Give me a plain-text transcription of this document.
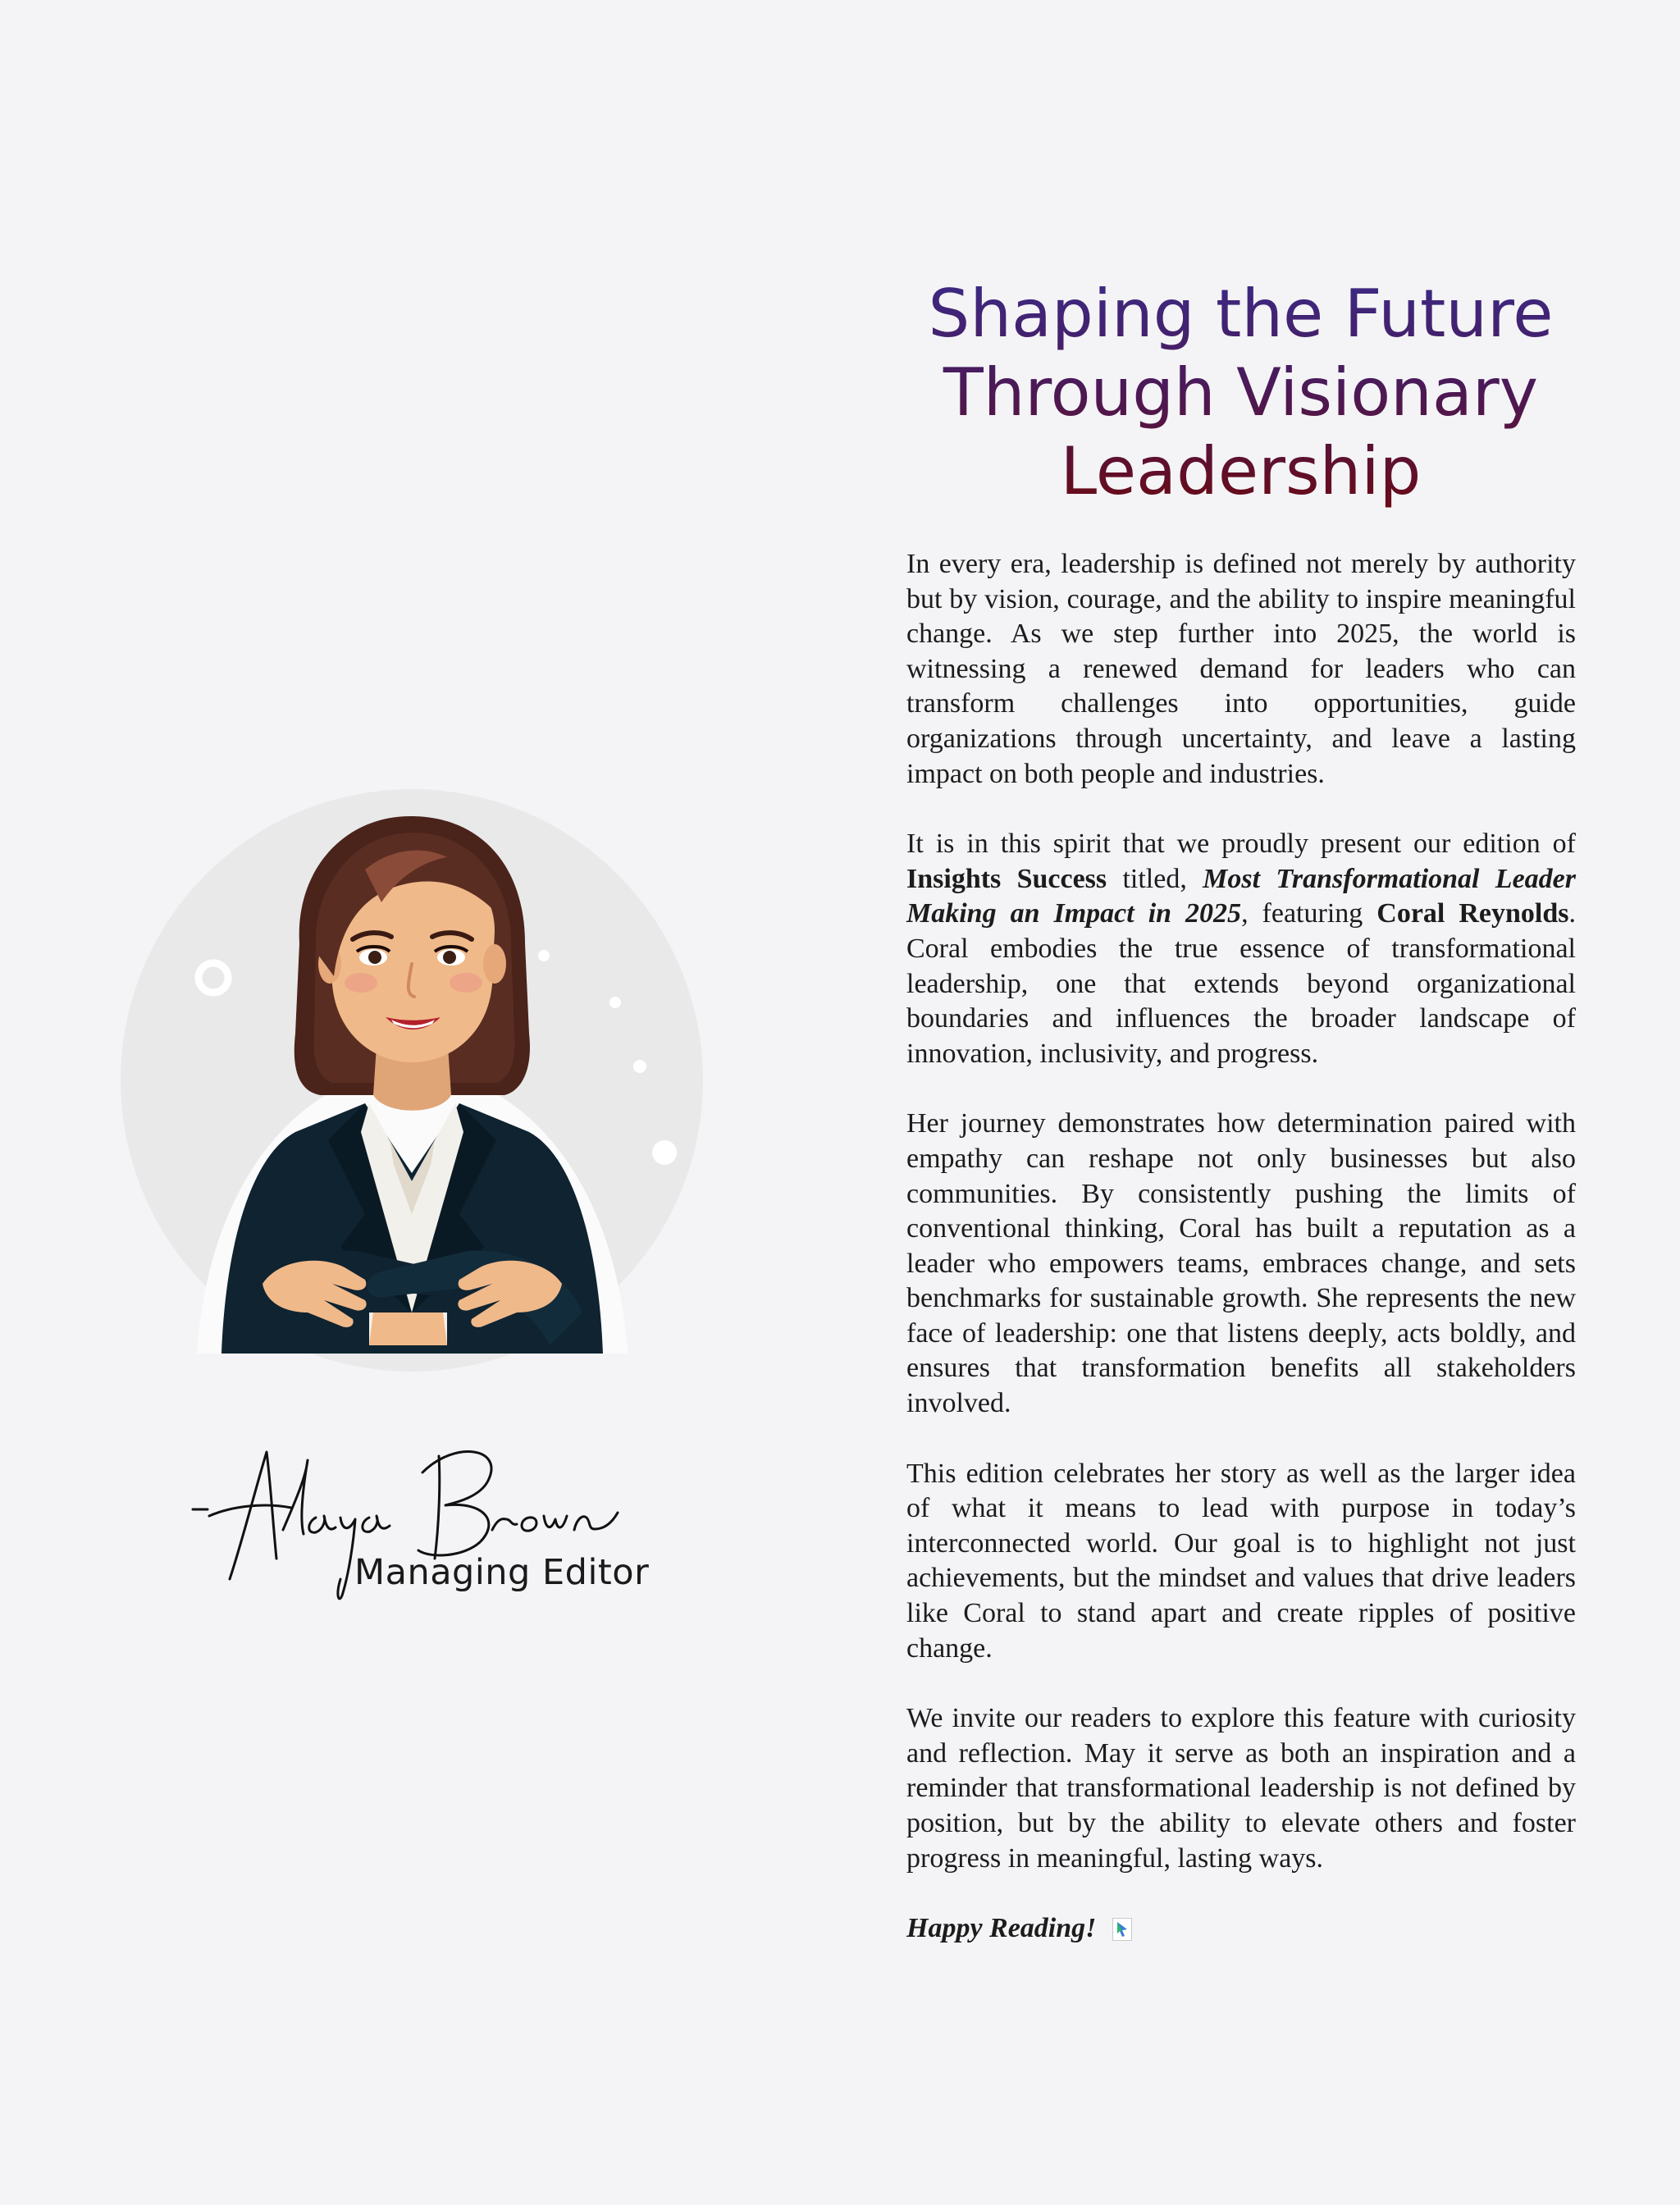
Managing Editor
Shaping the Future
Through Visionary
Leadership

In every era, leadership is defined not merely by authority but by vision, courage, and the ability to inspire meaningful change. As we step further into 2025, the world is witnessing a renewed demand for leaders who can transform challenges into opportunities, guide organizations through uncertainty, and leave a lasting impact on both people and industries.

It is in this spirit that we proudly present our edition of Insights Success titled, Most Transformational Leader Making an Impact in 2025, featuring Coral Reynolds. Coral embodies the true essence of transformational leadership, one that extends beyond organizational boundaries and influences the broader landscape of innovation, inclusivity, and progress.

Her journey demonstrates how determination paired with empathy can reshape not only businesses but also communities. By consistently pushing the limits of conventional thinking, Coral has built a reputation as a leader who empowers teams, embraces change, and sets benchmarks for sustainable growth. She represents the new face of leadership: one that listens deeply, acts boldly, and ensures that transformation benefits all stakeholders involved.

This edition celebrates her story as well as the larger idea of what it means to lead with purpose in today’s interconnected world. Our goal is to highlight not just achievements, but the mindset and values that drive leaders like Coral to stand apart and create ripples of positive change.

We invite our readers to explore this feature with curiosity and reflection. May it serve as both an inspiration and a reminder that transformational leadership is not defined by position, but by the ability to elevate others and foster progress in meaningful, lasting ways.

Happy Reading!
